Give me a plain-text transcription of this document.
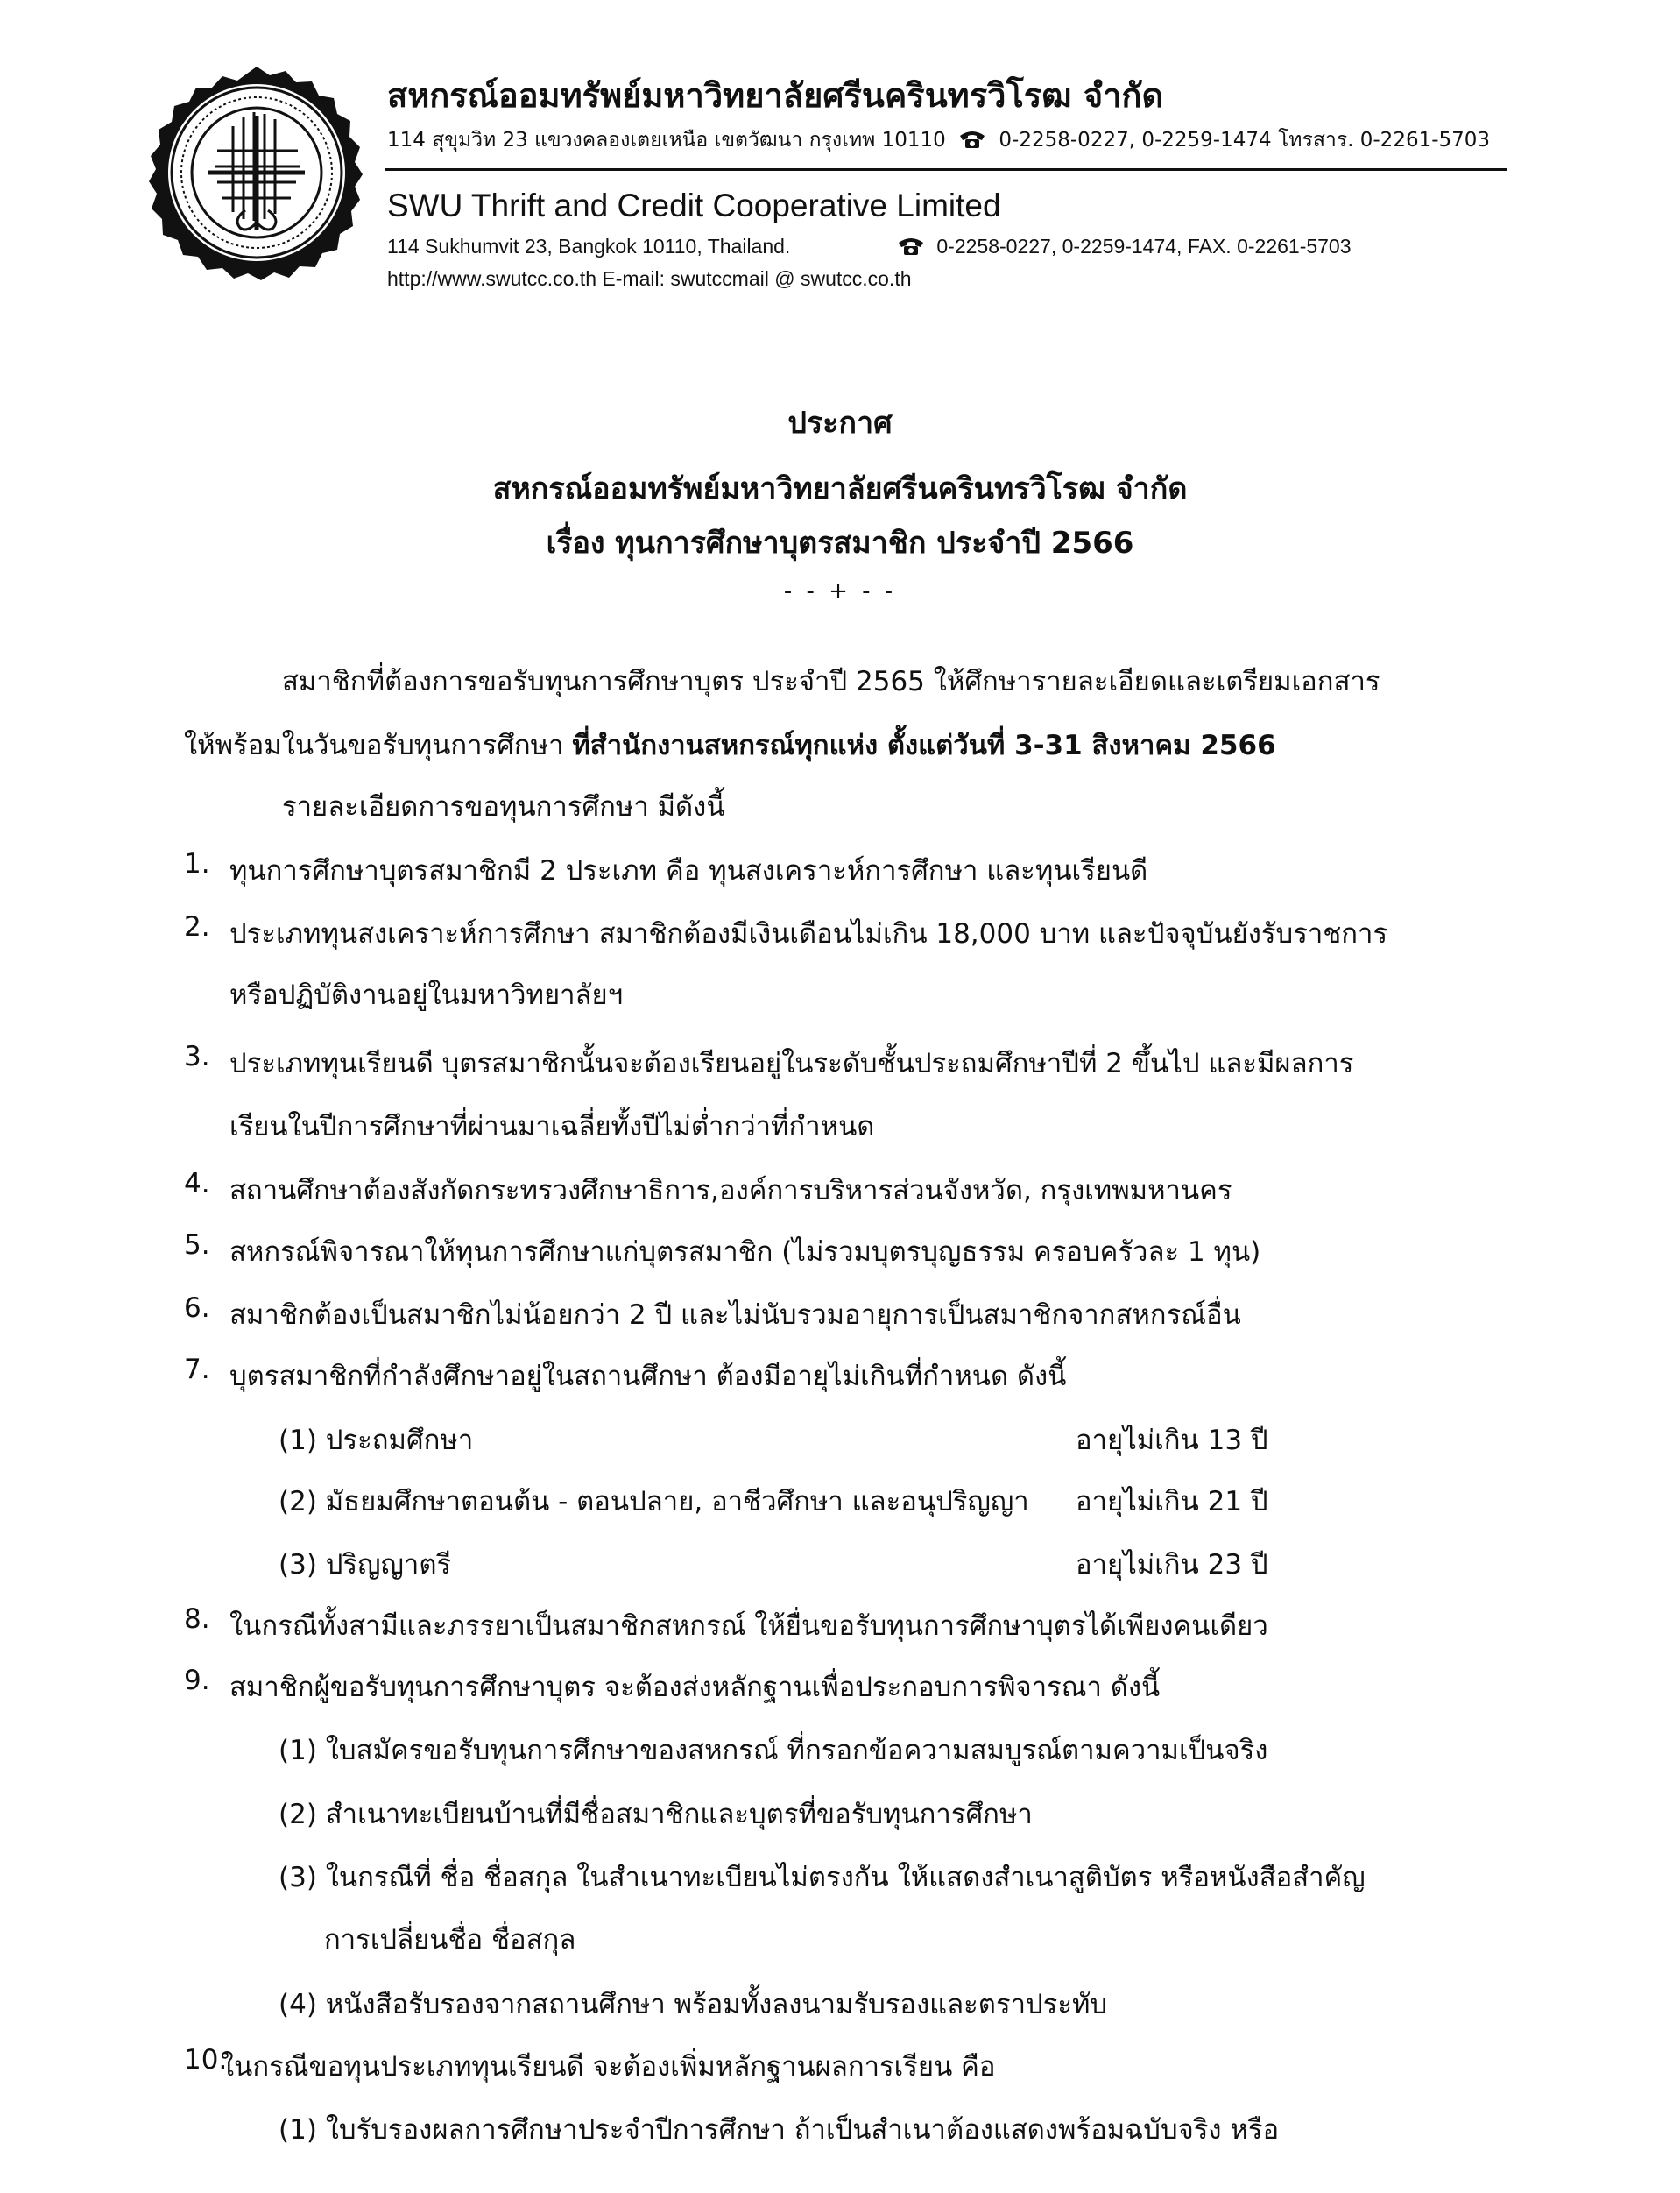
สหกรณ์ออมทรัพย์มหาวิทยาลัยศรีนครินทรวิโรฒ จำกัด
114 สุขุมวิท 23 แขวงคลองเตยเหนือ เขตวัฒนา กรุงเทพ 10110	0-2258-0227, 0-2259-1474 โทรสาร. 0-2261-5703
SWU Thrift and Credit Cooperative Limited
114 Sukhumvit 23, Bangkok 10110, Thailand.	0-2258-0227, 0-2259-1474, FAX. 0-2261-5703
http://www.swutcc.co.th E-mail: swutccmail @ swutcc.co.th
ประกาศ
สหกรณ์ออมทรัพย์มหาวิทยาลัยศรีนครินทรวิโรฒ จำกัด
เรื่อง ทุนการศึกษาบุตรสมาชิก ประจำปี 2566
- - + - -
สมาชิกที่ต้องการขอรับทุนการศึกษาบุตร ประจำปี 2565 ให้ศึกษารายละเอียดและเตรียมเอกสาร
ให้พร้อมในวันขอรับทุนการศึกษา ที่สำนักงานสหกรณ์ทุกแห่ง ตั้งแต่วันที่ 3-31 สิงหาคม 2566
รายละเอียดการขอทุนการศึกษา มีดังนี้
1. ทุนการศึกษาบุตรสมาชิกมี 2 ประเภท คือ ทุนสงเคราะห์การศึกษา และทุนเรียนดี
2. ประเภททุนสงเคราะห์การศึกษา สมาชิกต้องมีเงินเดือนไม่เกิน 18,000 บาท และปัจจุบันยังรับราชการ
หรือปฏิบัติงานอยู่ในมหาวิทยาลัยฯ
3. ประเภททุนเรียนดี บุตรสมาชิกนั้นจะต้องเรียนอยู่ในระดับชั้นประถมศึกษาปีที่ 2 ขึ้นไป และมีผลการ
เรียนในปีการศึกษาที่ผ่านมาเฉลี่ยทั้งปีไม่ต่ำกว่าที่กำหนด
4. สถานศึกษาต้องสังกัดกระทรวงศึกษาธิการ,องค์การบริหารส่วนจังหวัด, กรุงเทพมหานคร
5. สหกรณ์พิจารณาให้ทุนการศึกษาแก่บุตรสมาชิก (ไม่รวมบุตรบุญธรรม ครอบครัวละ 1 ทุน)
6. สมาชิกต้องเป็นสมาชิกไม่น้อยกว่า 2 ปี และไม่นับรวมอายุการเป็นสมาชิกจากสหกรณ์อื่น
7. บุตรสมาชิกที่กำลังศึกษาอยู่ในสถานศึกษา ต้องมีอายุไม่เกินที่กำหนด ดังนี้
(1) ประถมศึกษา	อายุไม่เกิน 13 ปี
(2) มัธยมศึกษาตอนต้น - ตอนปลาย, อาชีวศึกษา และอนุปริญญา อายุไม่เกิน 21 ปี
(3) ปริญญาตรี	อายุไม่เกิน 23 ปี
8. ในกรณีทั้งสามีและภรรยาเป็นสมาชิกสหกรณ์ ให้ยื่นขอรับทุนการศึกษาบุตรได้เพียงคนเดียว
9. สมาชิกผู้ขอรับทุนการศึกษาบุตร จะต้องส่งหลักฐานเพื่อประกอบการพิจารณา ดังนี้
(1) ใบสมัครขอรับทุนการศึกษาของสหกรณ์ ที่กรอกข้อความสมบูรณ์ตามความเป็นจริง
(2) สำเนาทะเบียนบ้านที่มีชื่อสมาชิกและบุตรที่ขอรับทุนการศึกษา
(3) ในกรณีที่ ชื่อ ชื่อสกุล ในสำเนาทะเบียนไม่ตรงกัน ให้แสดงสำเนาสูติบัตร หรือหนังสือสำคัญ
การเปลี่ยนชื่อ ชื่อสกุล
(4) หนังสือรับรองจากสถานศึกษา พร้อมทั้งลงนามรับรองและตราประทับ
10.
ในกรณีขอทุนประเภททุนเรียนดี จะต้องเพิ่มหลักฐานผลการเรียน คือ
(1) ใบรับรองผลการศึกษาประจำปีการศึกษา ถ้าเป็นสำเนาต้องแสดงพร้อมฉบับจริง หรือ
